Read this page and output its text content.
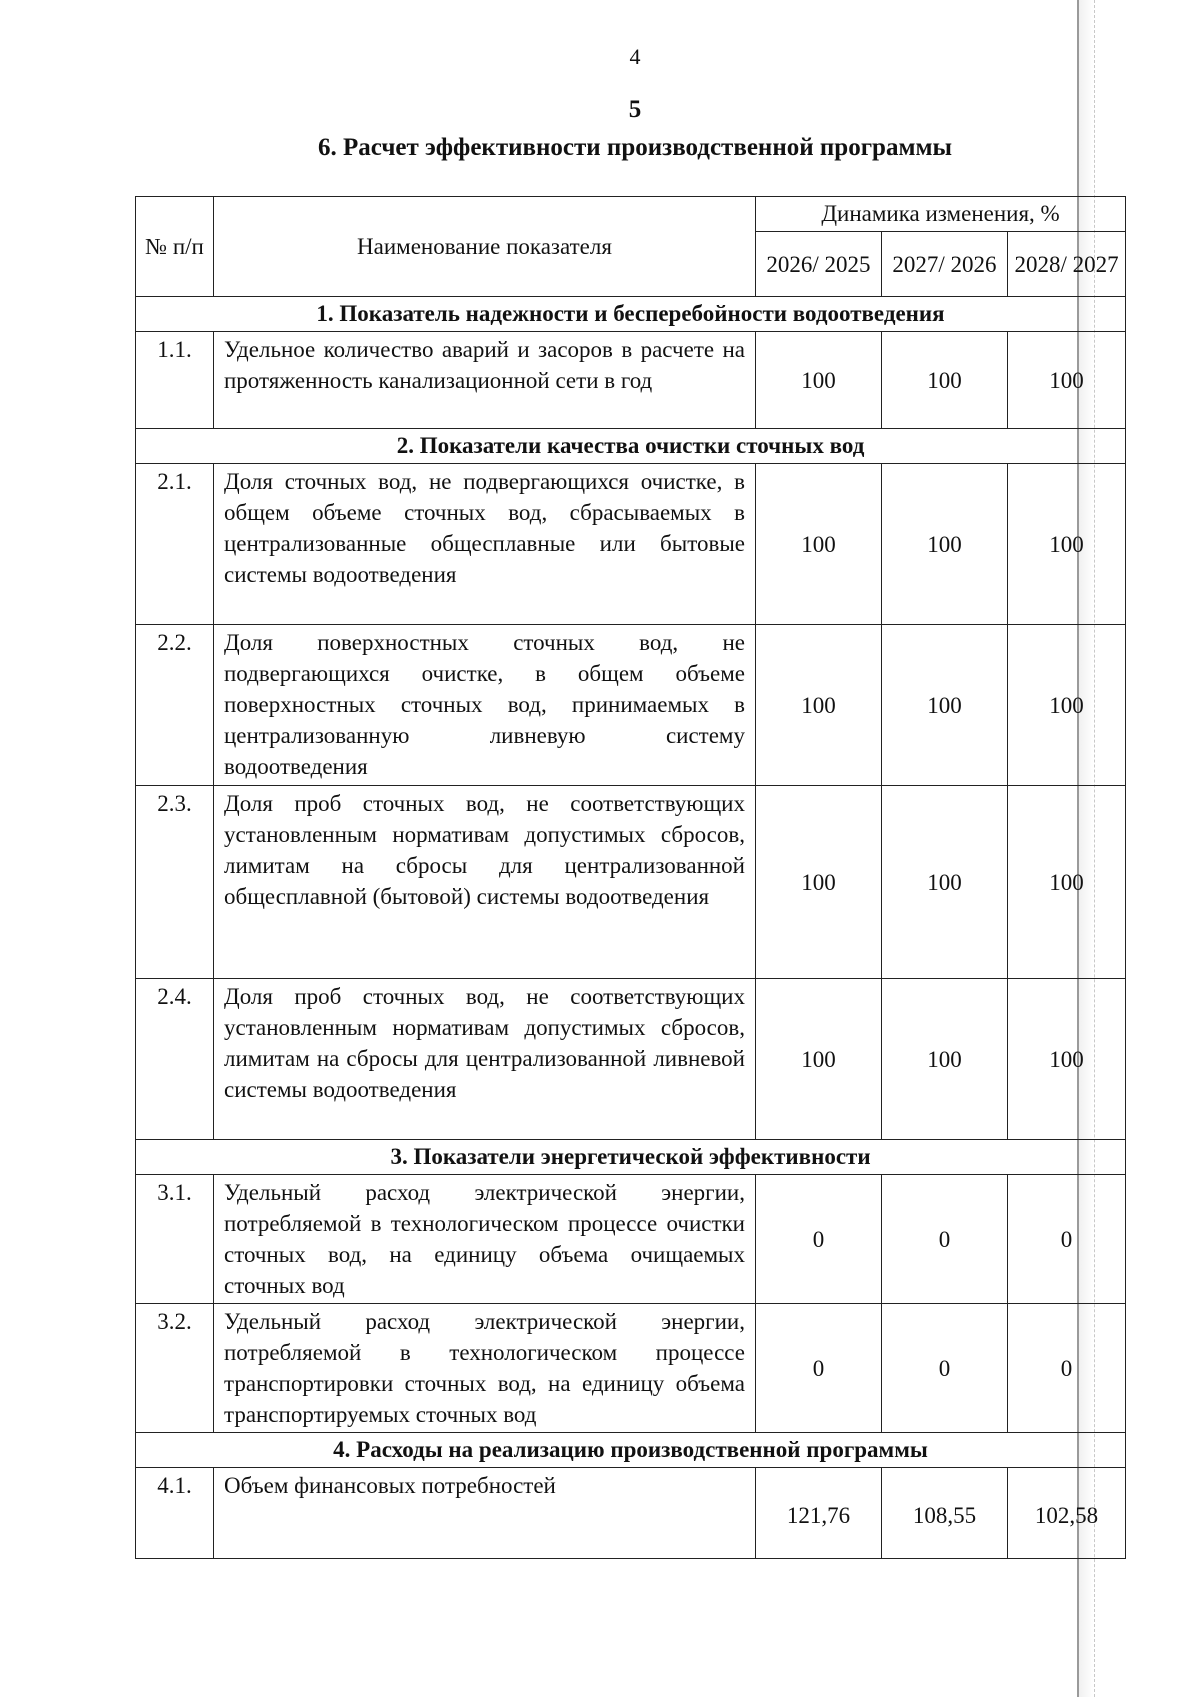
4
5
6. Расчет эффективности производственной программы
№ п/п	Наименование показателя	Динамика изменения, %		
		2026/ 2025	2027/ 2026	2028/ 2027
1. Показатель надежности и бесперебойности водоотведения				
1.1.	Удельное количество аварий и засоров в расчете на протяженность канализационной сети в год	100	100	100
2. Показатели качества очистки сточных вод				
2.1.	Доля сточных вод, не подвергающихся очистке, в общем объеме сточных вод, сбрасываемых в централизованные общесплавные или бытовые системы водоотведения	100	100	100
2.2.	Доля поверхностных сточных вод, не подвергающихся очистке, в общем объеме поверхностных сточных вод, принимаемых в централизованную ливневую систему водоотведения	100	100	100
2.3.	Доля проб сточных вод, не соответствующих установленным нормативам допустимых сбросов, лимитам на сбросы для централизованной общесплавной (бытовой) системы водоотведения	100	100	100
2.4.	Доля проб сточных вод, не соответствующих установленным нормативам допустимых сбросов, лимитам на сбросы для централизованной ливневой системы водоотведения	100	100	100
3. Показатели энергетической эффективности				
3.1.	Удельный расход электрической энергии, потребляемой в технологическом процессе очистки сточных вод, на единицу объема очищаемых сточных вод	0	0	0
3.2.	Удельный расход электрической энергии, потребляемой в технологическом процессе транспортировки сточных вод, на единицу объема транспортируемых сточных вод	0	0	0
4. Расходы на реализацию производственной программы				
4.1.	Объем финансовых потребностей	121,76	108,55	102,58
